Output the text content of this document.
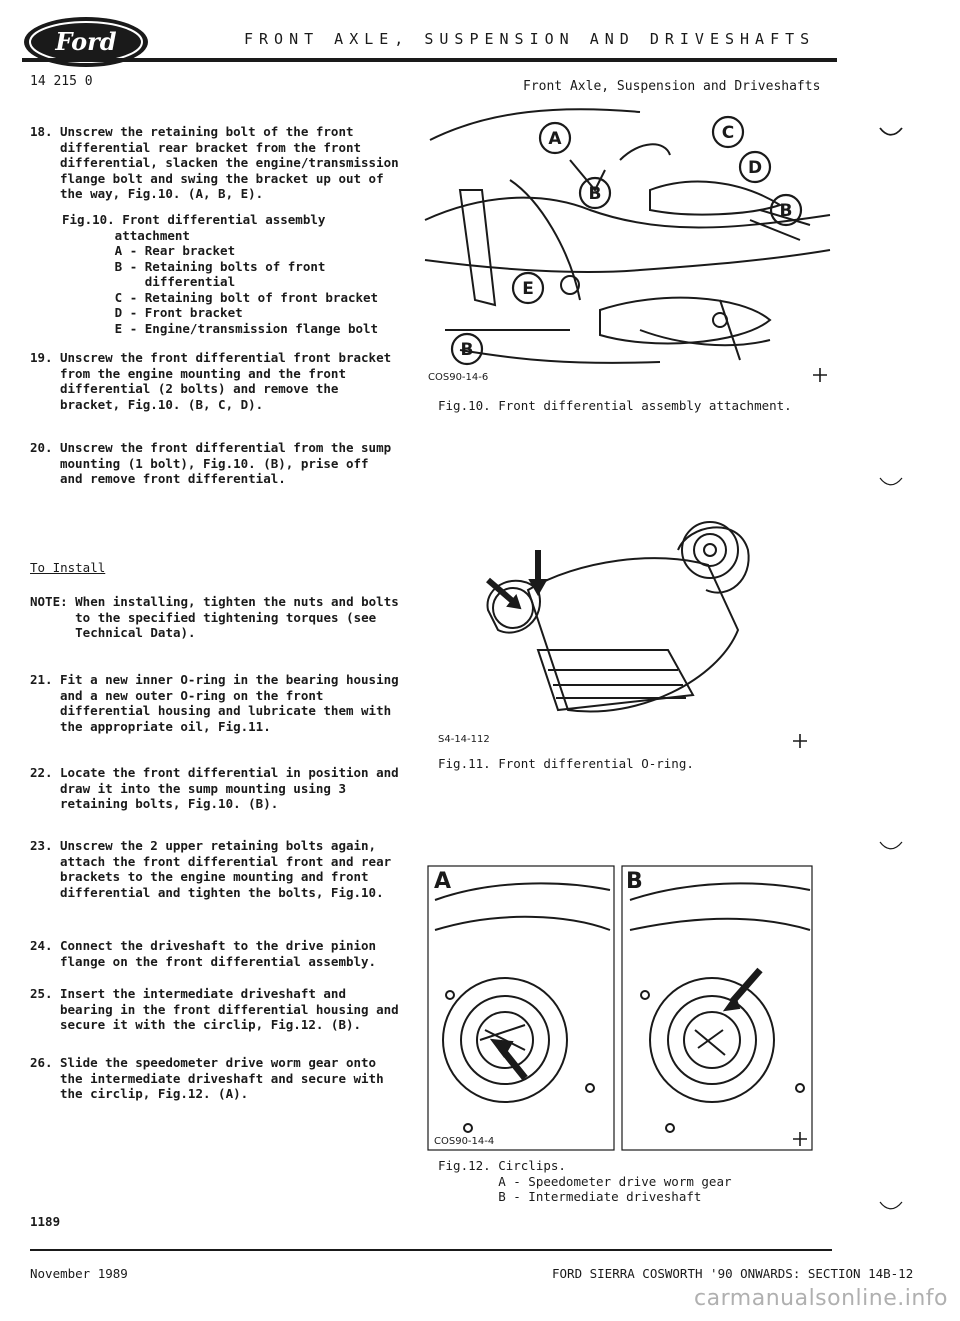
Ford	FRONT AXLE, SUSPENSION AND DRIVESHAFTS
14 215 0	Front Axle, Suspension and Driveshafts

18.

Unscrew the retaining bolt of the front
differential rear bracket from the front
differential, slacken the engine/transmission
flange bolt and swing the bracket up out of
the way, Fig.10. (A, B, E).

Fig.10. Front differential assembly
attachment
A - Rear bracket
B - Retaining bolts of front
differential
C - Retaining bolt of front bracket
D - Front bracket
E - Engine/transmission flange bolt

19.

Unscrew the front differential front bracket
from the engine mounting and the front
differential (2 bolts) and remove the
bracket, Fig.10. (B, C, D).

20.

Unscrew the front differential from the sump
mounting (1 bolt), Fig.10. (B), prise off
and remove front differential.

To Install
NOTE: When installing, tighten the nuts and bolts
to the specified tightening torques (see
Technical Data).

21.

Fit a new inner O-ring in the bearing housing
and a new outer O-ring on the front
differential housing and lubricate them with
the appropriate oil, Fig.11.

22.

Locate the front differential in position and
draw it into the sump mounting using 3
retaining bolts, Fig.10. (B).

23.

Unscrew the 2 upper retaining bolts again,
attach the front differential front and rear
brackets to the engine mounting and front
differential and tighten the bolts, Fig.10.

24.

Connect the driveshaft to the drive pinion
flange on the front differential assembly.

25.

Insert the intermediate driveshaft and
bearing in the front differential housing and
secure it with the circlip, Fig.12. (B).

26.

Slide the speedometer drive worm gear onto
the intermediate driveshaft and secure with
the circlip, Fig.12. (A).

1189
A	C
D
B
B
E
B
COS90-14-6
Fig.10. Front differential assembly attachment.
S4-14-112
Fig.11. Front differential O-ring.
A	B
COS90-14-4
Fig.12. Circlips.
A - Speedometer drive worm gear
B - Intermediate driveshaft
November 1989	FORD SIERRA COSWORTH '90 ONWARDS: SECTION 14B-12
carmanualsonline.info
